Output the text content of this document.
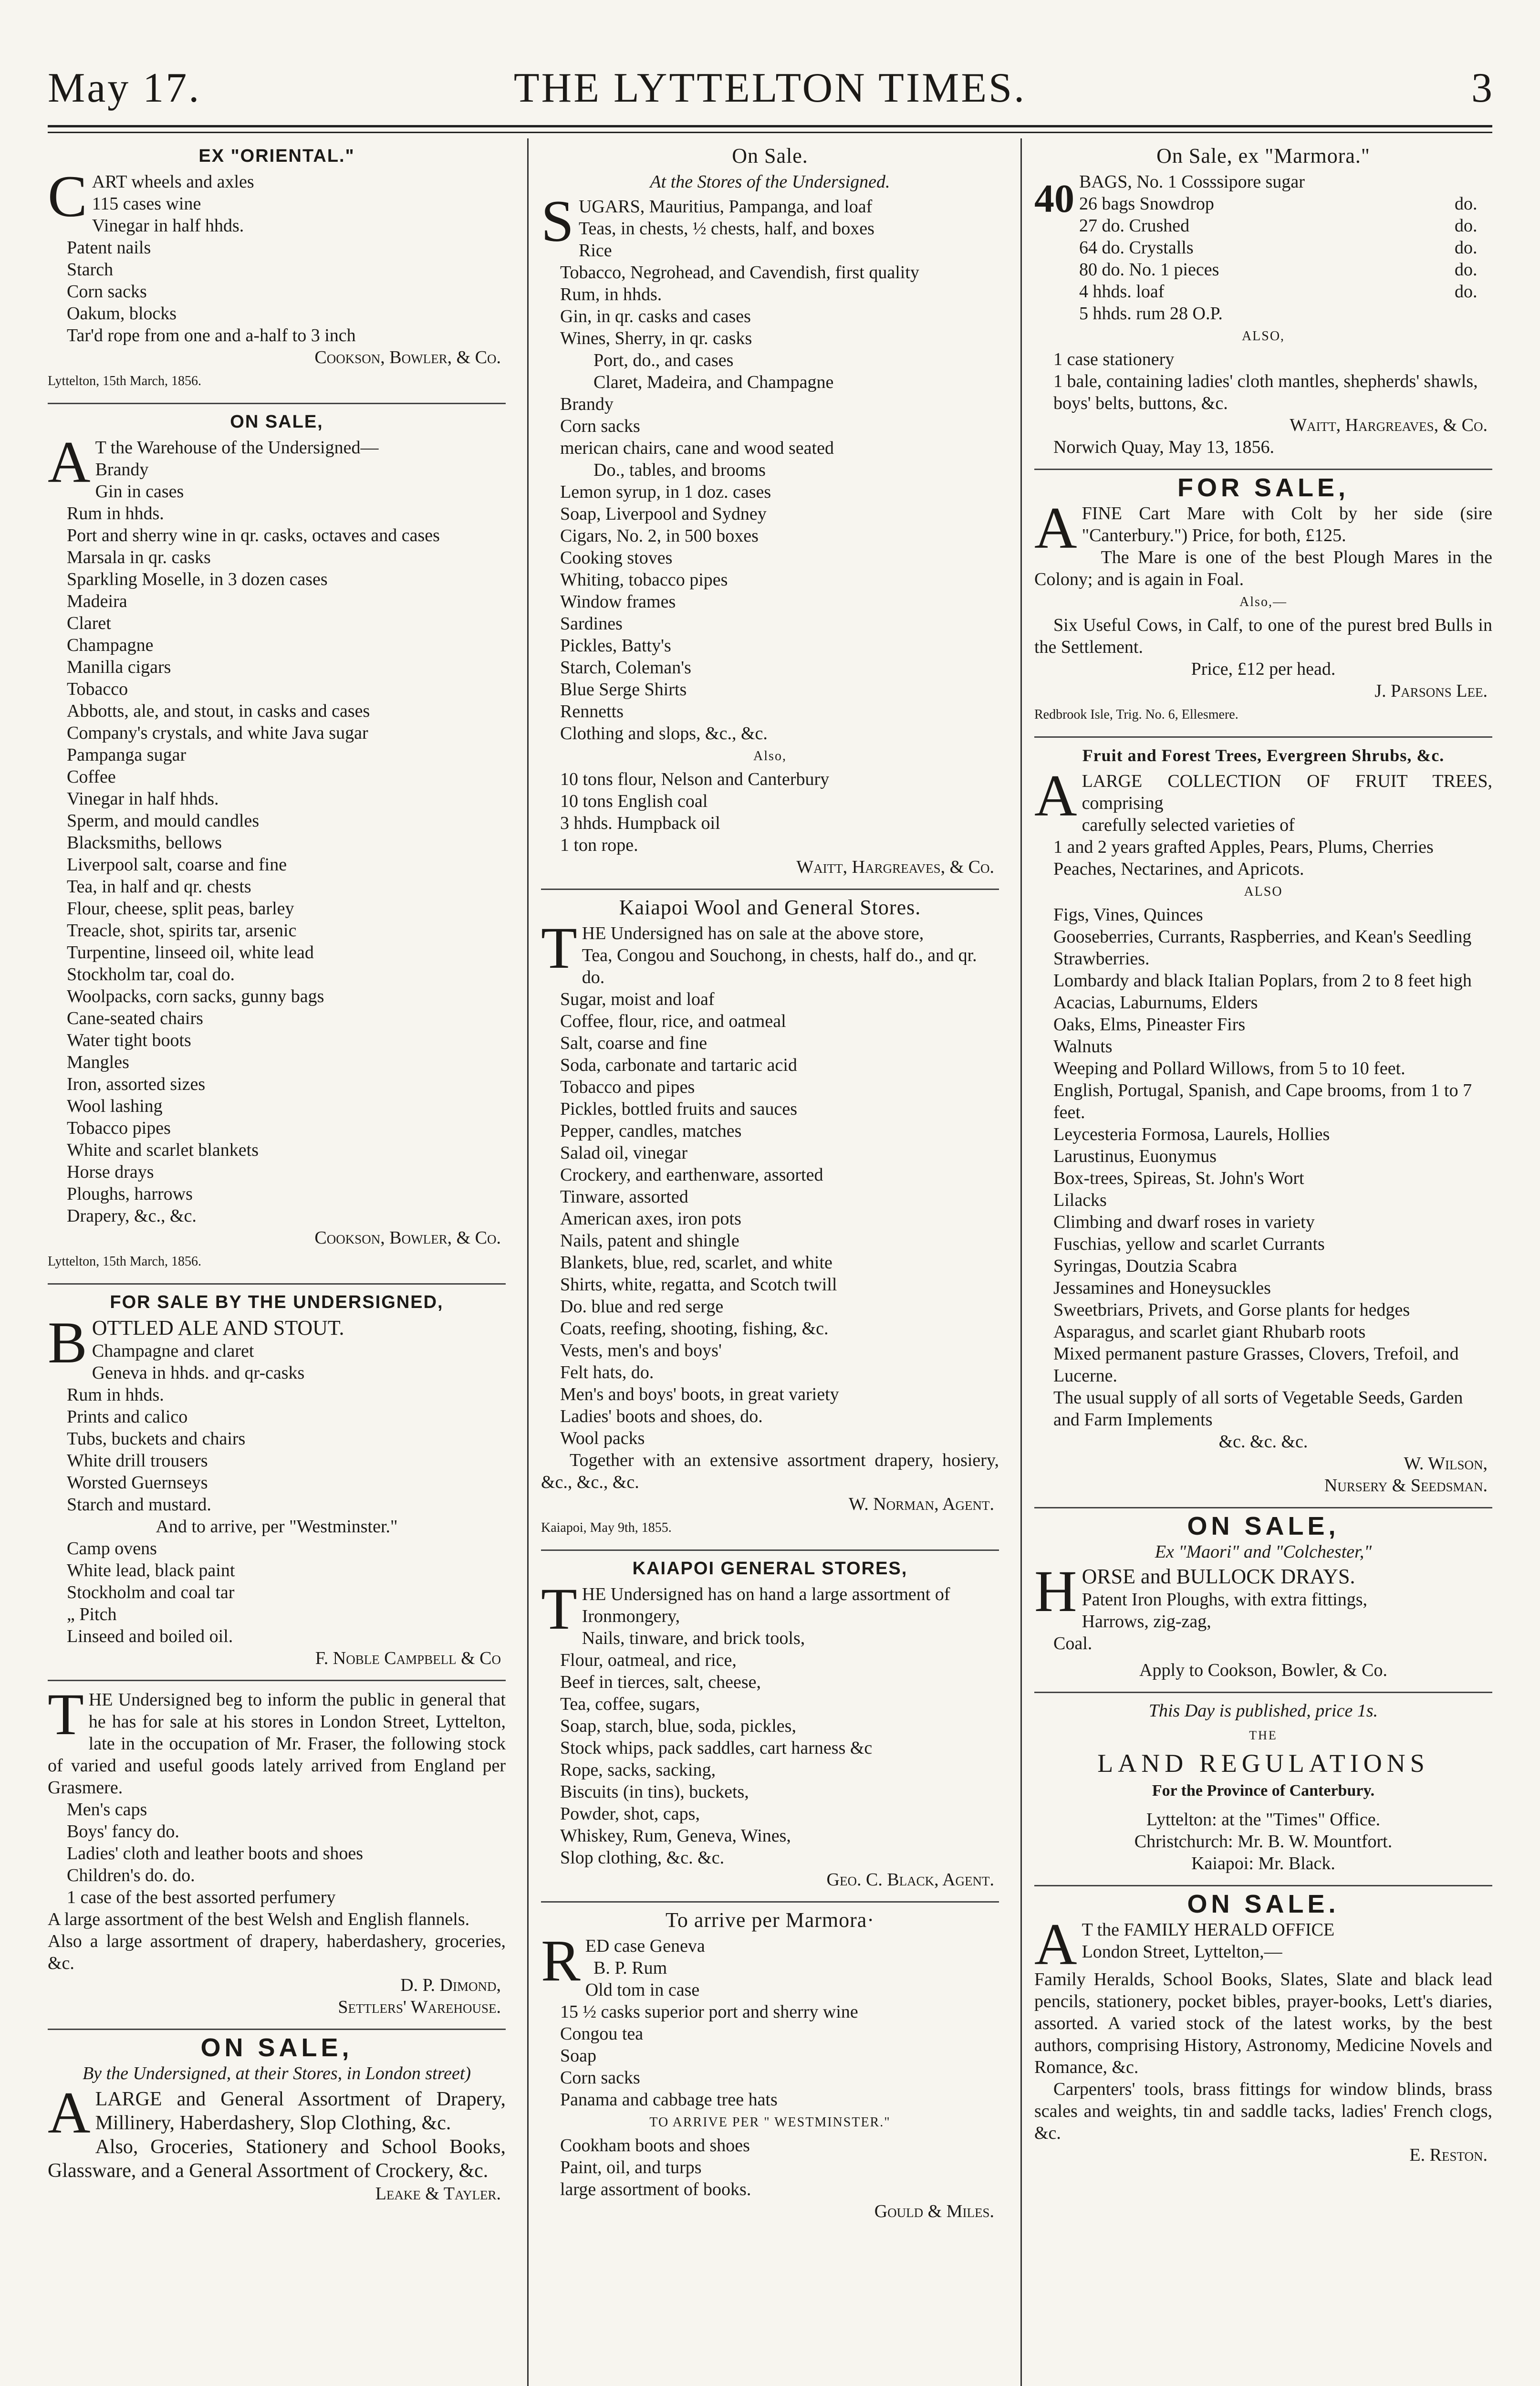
May 17.	THE LYTTELTON TIMES.	3
EX "ORIENTAL."

CART wheels and axles

115 cases wine

Vinegar in half hhds.

Patent nails

Starch

Corn sacks

Oakum, blocks

Tar'd rope from one and a-half to 3 inch

Cookson, Bowler, & Co.

Lyttelton, 15th March, 1856.

ON SALE,

A T the Warehouse of the Undersigned—

Brandy

Gin in cases

Rum in hhds.

Port and sherry wine in qr. casks, octaves and cases

Marsala in qr. casks

Sparkling Moselle, in 3 dozen cases

Madeira

Claret

Champagne

Manilla cigars

Tobacco

Abbotts, ale, and stout, in casks and cases

Company's crystals, and white Java sugar

Pampanga sugar

Coffee

Vinegar in half hhds.

Sperm, and mould candles

Blacksmiths, bellows

Liverpool salt, coarse and fine

Tea, in half and qr. chests

Flour, cheese, split peas, barley

Treacle, shot, spirits tar, arsenic

Turpentine, linseed oil, white lead

Stockholm tar, coal do.

Woolpacks, corn sacks, gunny bags

Cane-seated chairs

Water tight boots

Mangles

Iron, assorted sizes

Wool lashing

Tobacco pipes

White and scarlet blankets

Horse drays

Ploughs, harrows

Drapery, &c., &c.

Cookson, Bowler, & Co.

Lyttelton, 15th March, 1856.

FOR SALE BY THE UNDERSIGNED,

BOTTLED ALE AND STOUT.

Champagne and claret

Geneva in hhds. and qr-casks

Rum in hhds.

Prints and calico

Tubs, buckets and chairs

White drill trousers

Worsted Guernseys

Starch and mustard.

And to arrive, per "Westminster."

Camp ovens

White lead, black paint

Stockholm and coal tar

„ Pitch

Linseed and boiled oil.

F. Noble Campbell & Co

THE Undersigned beg to inform the public in general that he has for sale at his stores in London Street, Lyttelton, late in the occupation of Mr. Fraser, the following stock of varied and useful goods lately arrived from England per Grasmere.

Men's caps

Boys' fancy do.

Ladies' cloth and leather boots and shoes

Children's do. do.

1 case of the best assorted perfumery

A large assortment of the best Welsh and English flannels.

Also a large assortment of drapery, haberdashery, groceries, &c.

D. P. Dimond,

Settlers' Warehouse.

ON SALE,

By the Undersigned, at their Stores, in London street)

ALARGE and General Assortment of Drapery, Millinery, Haberdashery, Slop Clothing, &c.

Also, Groceries, Stationery and School Books, Glassware, and a General Assortment of Crockery, &c.

Leake & Tayler.

On Sale.

At the Stores of the Undersigned.

SUGARS, Mauritius, Pampanga, and loaf

Teas, in chests, ½ chests, half, and boxes

Rice

Tobacco, Negrohead, and Cavendish, first quality

Rum, in hhds.

Gin, in qr. casks and cases

Wines, Sherry, in qr. casks

Port, do., and cases

Claret, Madeira, and Champagne

Brandy

Corn sacks

merican chairs, cane and wood seated

Do., tables, and brooms

Lemon syrup, in 1 doz. cases

Soap, Liverpool and Sydney

Cigars, No. 2, in 500 boxes

Cooking stoves

Whiting, tobacco pipes

Window frames

Sardines

Pickles, Batty's

Starch, Coleman's

Blue Serge Shirts

Rennetts

Clothing and slops, &c., &c.

Also,

10 tons flour, Nelson and Canterbury

10 tons English coal

3 hhds. Humpback oil

1 ton rope.

Waitt, Hargreaves, & Co.

Kaiapoi Wool and General Stores.

THE Undersigned has on sale at the above store,

Tea, Congou and Souchong, in chests, half do., and qr. do.

Sugar, moist and loaf

Coffee, flour, rice, and oatmeal

Salt, coarse and fine

Soda, carbonate and tartaric acid

Tobacco and pipes

Pickles, bottled fruits and sauces

Pepper, candles, matches

Salad oil, vinegar

Crockery, and earthenware, assorted

Tinware, assorted

American axes, iron pots

Nails, patent and shingle

Blankets, blue, red, scarlet, and white

Shirts, white, regatta, and Scotch twill

Do. blue and red serge

Coats, reefing, shooting, fishing, &c.

Vests, men's and boys'

Felt hats, do.

Men's and boys' boots, in great variety

Ladies' boots and shoes, do.

Wool packs

Together with an extensive assortment drapery, hosiery, &c., &c., &c.

W. Norman, Agent.

Kaiapoi, May 9th, 1855.

KAIAPOI GENERAL STORES,

THE Undersigned has on hand a large assortment of

Ironmongery,

Nails, tinware, and brick tools,

Flour, oatmeal, and rice,

Beef in tierces, salt, cheese,

Tea, coffee, sugars,

Soap, starch, blue, soda, pickles,

Stock whips, pack saddles, cart harness &c

Rope, sacks, sacking,

Biscuits (in tins), buckets,

Powder, shot, caps,

Whiskey, Rum, Geneva, Wines,

Slop clothing, &c. &c.

Geo. C. Black, Agent.

To arrive per Marmora·

RED case Geneva

B. P. Rum

Old tom in case

15 ½ casks superior port and sherry wine

Congou tea

Soap

Corn sacks

Panama and cabbage tree hats

TO ARRIVE PER " WESTMINSTER."

Cookham boots and shoes

Paint, oil, and turps

large assortment of books.

Gould & Miles.

On Sale, ex "Marmora."
40 BAGS, No. 1 Cosssipore sugar	
26 bags Snowdrop	do.
27 do. Crushed	do.
64 do. Crystalls	do.
80 do. No. 1 pieces	do.
4 hhds. loaf	do.
5 hhds. rum 28 O.P.	

ALSO,

1 case stationery

1 bale, containing ladies' cloth mantles, shepherds' shawls, boys' belts, buttons, &c.

Waitt, Hargreaves, & Co.

Norwich Quay, May 13, 1856.

FOR SALE,

AFINE Cart Mare with Colt by her side (sire "Canterbury.") Price, for both, £125.

The Mare is one of the best Plough Mares in the Colony; and is again in Foal.

Also,—

Six Useful Cows, in Calf, to one of the purest bred Bulls in the Settlement.

Price, £12 per head.

J. Parsons Lee.

Redbrook Isle, Trig. No. 6, Ellesmere.

Fruit and Forest Trees, Evergreen Shrubs, &c.

ALARGE COLLECTION OF FRUIT TREES, comprising

carefully selected varieties of

1 and 2 years grafted Apples, Pears, Plums, Cherries

Peaches, Nectarines, and Apricots.

ALSO

Figs, Vines, Quinces

Gooseberries, Currants, Raspberries, and Kean's Seedling Strawberries.

Lombardy and black Italian Poplars, from 2 to 8 feet high

Acacias, Laburnums, Elders

Oaks, Elms, Pineaster Firs

Walnuts

Weeping and Pollard Willows, from 5 to 10 feet.

English, Portugal, Spanish, and Cape brooms, from 1 to 7 feet.

Leycesteria Formosa, Laurels, Hollies

Larustinus, Euonymus

Box-trees, Spireas, St. John's Wort

Lilacks

Climbing and dwarf roses in variety

Fuschias, yellow and scarlet Currants

Syringas, Doutzia Scabra

Jessamines and Honeysuckles

Sweetbriars, Privets, and Gorse plants for hedges

Asparagus, and scarlet giant Rhubarb roots

Mixed permanent pasture Grasses, Clovers, Trefoil, and Lucerne.

The usual supply of all sorts of Vegetable Seeds, Garden and Farm Implements

&c. &c. &c.

W. Wilson,

Nursery & Seedsman.

ON SALE,

Ex "Maori" and "Colchester,"

HORSE and BULLOCK DRAYS.

Patent Iron Ploughs, with extra fittings,

Harrows, zig-zag,

Coal.

Apply to Cookson, Bowler, & Co.

This Day is published, price 1s.

THE

LAND REGULATIONS

For the Province of Canterbury.

Lyttelton: at the "Times" Office.

Christchurch: Mr. B. W. Mountfort.

Kaiapoi: Mr. Black.

ON SALE.

A T the FAMILY HERALD OFFICE

London Street, Lyttelton,—

Family Heralds, School Books, Slates, Slate and black lead pencils, stationery, pocket bibles, prayer-books, Lett's diaries, assorted. A varied stock of the latest works, by the best authors, comprising History, Astronomy, Medicine Novels and Romance, &c.

Carpenters' tools, brass fittings for window blinds, brass scales and weights, tin and saddle tacks, ladies' French clogs, &c.

E. Reston.
